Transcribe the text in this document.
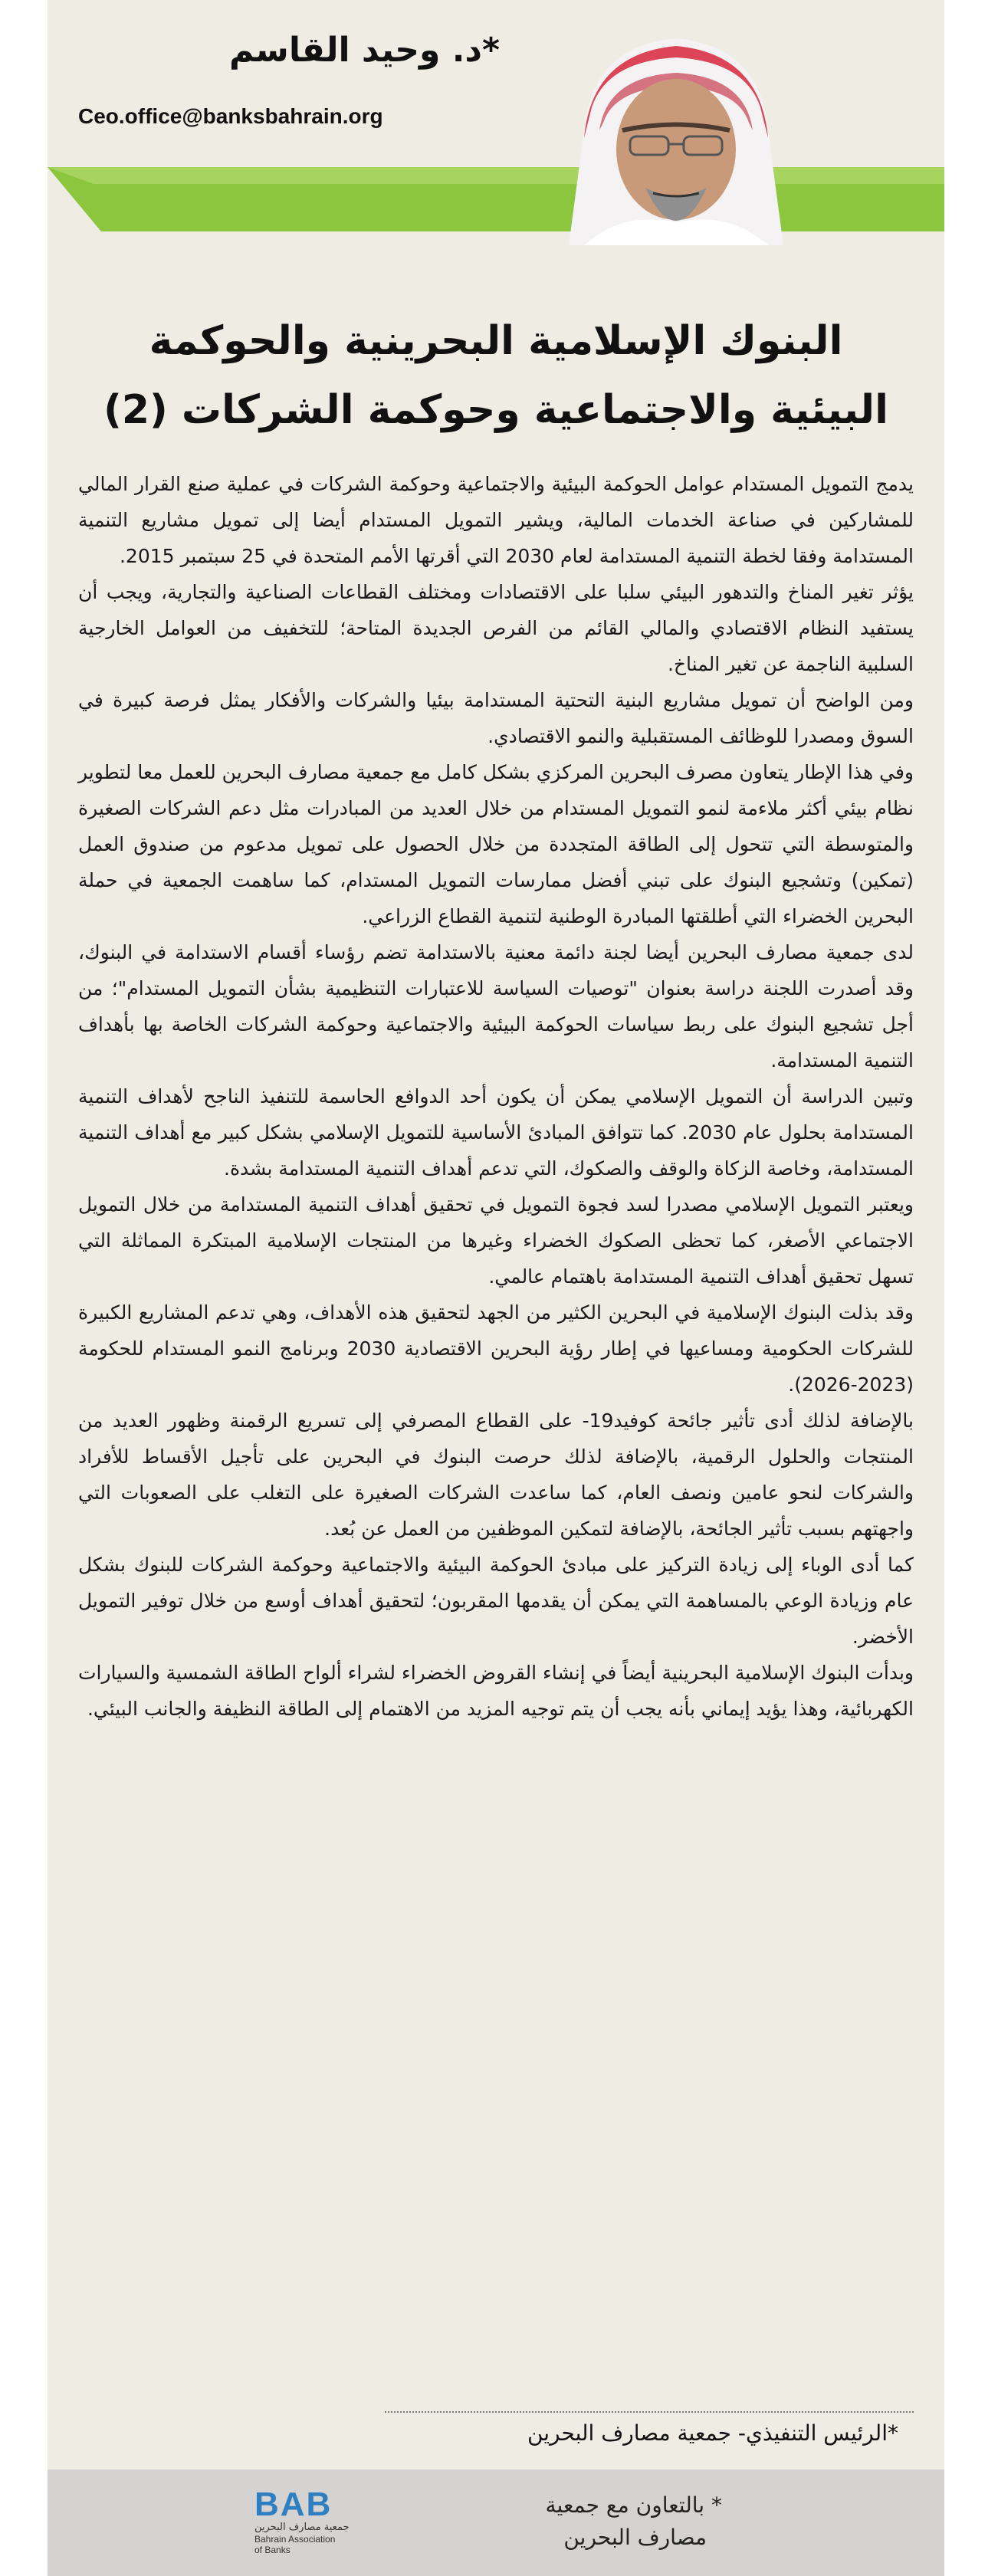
*د. وحيد القاسم
Ceo.office@banksbahrain.org
البنوك الإسلامية البحرينية والحوكمة
البيئية والاجتماعية وحوكمة الشركات (2)

يدمج التمويل المستدام عوامل الحوكمة البيئية والاجتماعية وحوكمة الشركات في عملية صنع القرار المالي للمشاركين في صناعة الخدمات المالية، ويشير التمويل المستدام أيضا إلى تمويل مشاريع التنمية المستدامة وفقا لخطة التنمية المستدامة لعام 2030 التي أقرتها الأمم المتحدة في 25 سبتمبر 2015.

يؤثر تغير المناخ والتدهور البيئي سلبا على الاقتصادات ومختلف القطاعات الصناعية والتجارية، ويجب أن يستفيد النظام الاقتصادي والمالي القائم من الفرص الجديدة المتاحة؛ للتخفيف من العوامل الخارجية السلبية الناجمة عن تغير المناخ.

ومن الواضح أن تمويل مشاريع البنية التحتية المستدامة بيئيا والشركات والأفكار يمثل فرصة كبيرة في السوق ومصدرا للوظائف المستقبلية والنمو الاقتصادي.

وفي هذا الإطار يتعاون مصرف البحرين المركزي بشكل كامل مع جمعية مصارف البحرين للعمل معا لتطوير نظام بيئي أكثر ملاءمة لنمو التمويل المستدام من خلال العديد من المبادرات مثل دعم الشركات الصغيرة والمتوسطة التي تتحول إلى الطاقة المتجددة من خلال الحصول على تمويل مدعوم من صندوق العمل (تمكين) وتشجيع البنوك على تبني أفضل ممارسات التمويل المستدام، كما ساهمت الجمعية في حملة البحرين الخضراء التي أطلقتها المبادرة الوطنية لتنمية القطاع الزراعي.

لدى جمعية مصارف البحرين أيضا لجنة دائمة معنية بالاستدامة تضم رؤساء أقسام الاستدامة في البنوك، وقد أصدرت اللجنة دراسة بعنوان "توصيات السياسة للاعتبارات التنظيمية بشأن التمويل المستدام"؛ من أجل تشجيع البنوك على ربط سياسات الحوكمة البيئية والاجتماعية وحوكمة الشركات الخاصة بها بأهداف التنمية المستدامة.

وتبين الدراسة أن التمويل الإسلامي يمكن أن يكون أحد الدوافع الحاسمة للتنفيذ الناجح لأهداف التنمية المستدامة بحلول عام 2030. كما تتوافق المبادئ الأساسية للتمويل الإسلامي بشكل كبير مع أهداف التنمية المستدامة، وخاصة الزكاة والوقف والصكوك، التي تدعم أهداف التنمية المستدامة بشدة.

ويعتبر التمويل الإسلامي مصدرا لسد فجوة التمويل في تحقيق أهداف التنمية المستدامة من خلال التمويل الاجتماعي الأصغر، كما تحظى الصكوك الخضراء وغيرها من المنتجات الإسلامية المبتكرة المماثلة التي تسهل تحقيق أهداف التنمية المستدامة باهتمام عالمي.

وقد بذلت البنوك الإسلامية في البحرين الكثير من الجهد لتحقيق هذه الأهداف، وهي تدعم المشاريع الكبيرة للشركات الحكومية ومساعيها في إطار رؤية البحرين الاقتصادية 2030 وبرنامج النمو المستدام للحكومة (2023-2026).

بالإضافة لذلك أدى تأثير جائحة كوفيد19- على القطاع المصرفي إلى تسريع الرقمنة وظهور العديد من المنتجات والحلول الرقمية، بالإضافة لذلك حرصت البنوك في البحرين على تأجيل الأقساط للأفراد والشركات لنحو عامين ونصف العام، كما ساعدت الشركات الصغيرة على التغلب على الصعوبات التي واجهتهم بسبب تأثير الجائحة، بالإضافة لتمكين الموظفين من العمل عن بُعد.

كما أدى الوباء إلى زيادة التركيز على مبادئ الحوكمة البيئية والاجتماعية وحوكمة الشركات للبنوك بشكل عام وزيادة الوعي بالمساهمة التي يمكن أن يقدمها المقربون؛ لتحقيق أهداف أوسع من خلال توفير التمويل الأخضر.

وبدأت البنوك الإسلامية البحرينية أيضاً في إنشاء القروض الخضراء لشراء ألواح الطاقة الشمسية والسيارات الكهربائية، وهذا يؤيد إيماني بأنه يجب أن يتم توجيه المزيد من الاهتمام إلى الطاقة النظيفة والجانب البيئي.

*الرئيس التنفيذي- جمعية مصارف البحرين
* بالتعاون مع جمعية
مصارف البحرين
BAB
جمعية مصارف البحرين
Bahrain Association
of Banks
